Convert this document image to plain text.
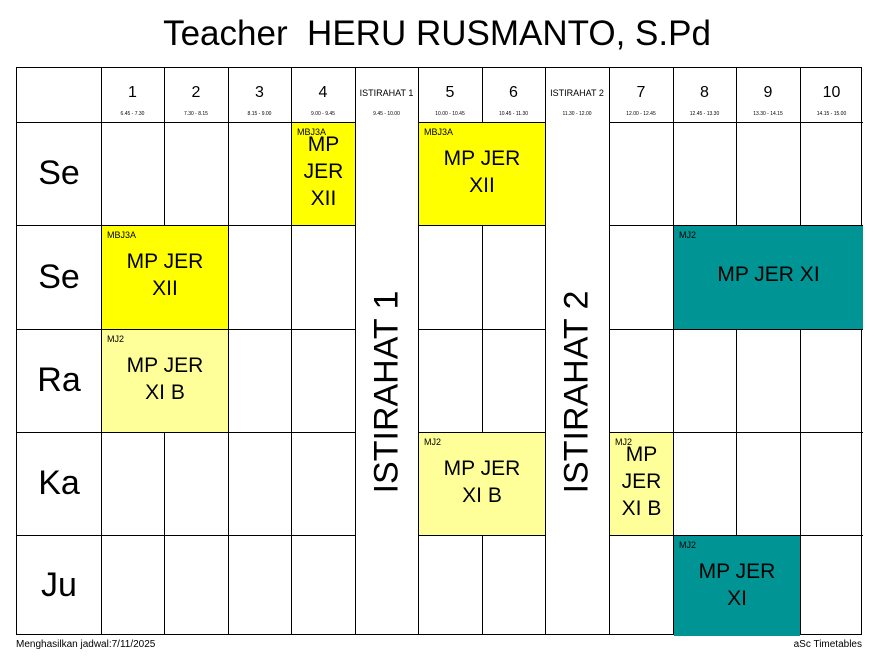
Teacher  HERU RUSMANTO, S.Pd
1
6.45 - 7.30
2
7.30 - 8.15
3
8.15 - 9.00
4
9.00 - 9.45
ISTIRAHAT 1
9.45 - 10.00
5
10.00 - 10.45
6
10.45 - 11.30
ISTIRAHAT 2
11.30 - 12.00
7
12.00 - 12.45
8
12.45 - 13.30
9
13.30 - 14.15
10
14.15 - 15.00
Se
Se
Ra
Ka
Ju
ISTIRAHAT 1	ISTIRAHAT 2
MBJ3A
MP
JER
XII
MBJ3A
MP JER
XII
MBJ3A
MP JER
XII
MJ2
MP JER XI
MJ2
MP JER
XI B
MJ2
MP JER
XI B
MJ2
MP
JER
XI B
MJ2
MP JER
XI
Menghasilkan jadwal:7/11/2025	aSc Timetables
